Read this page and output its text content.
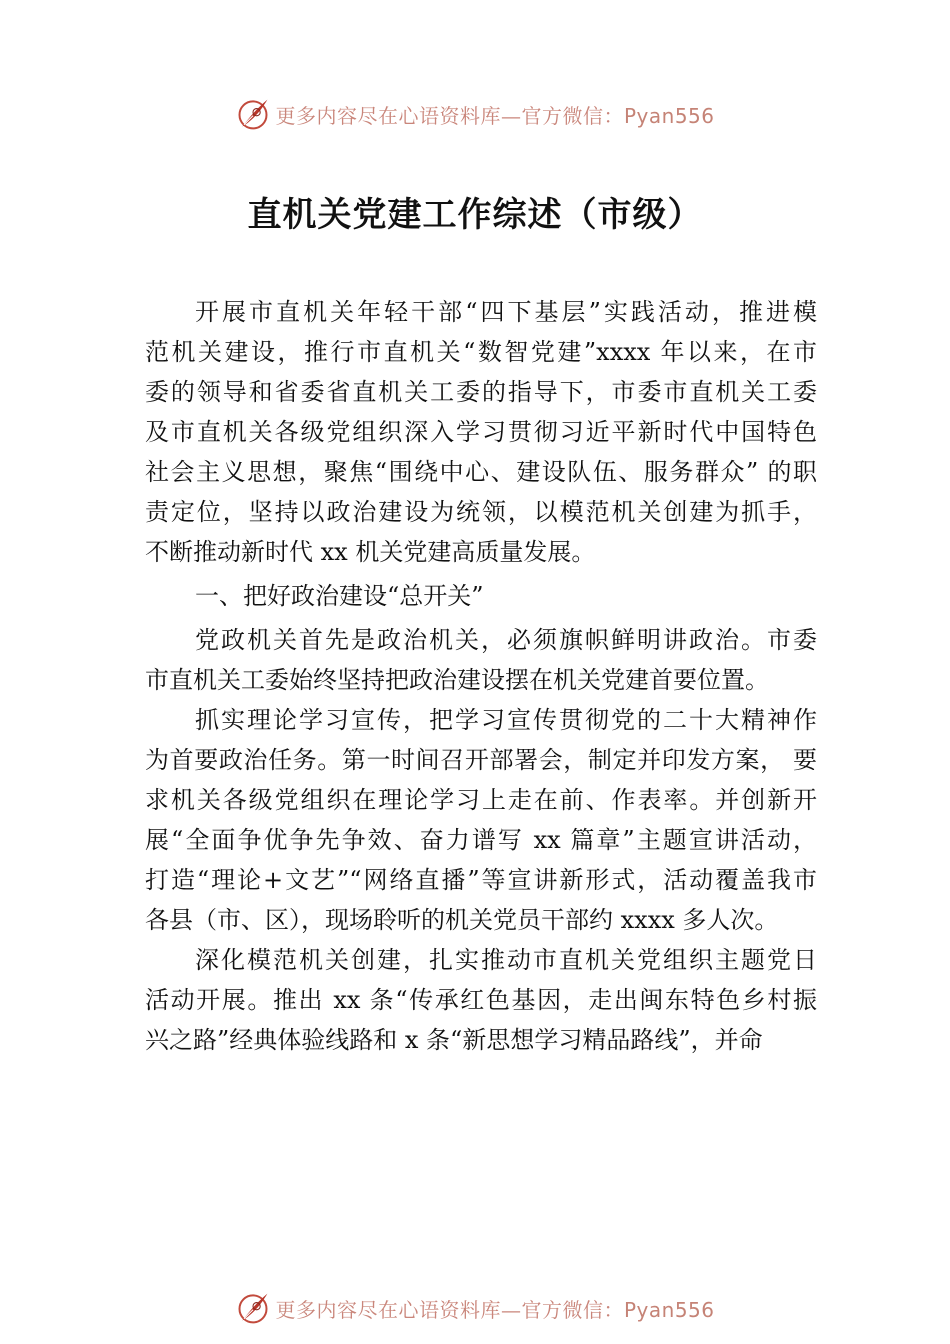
更多内容尽在心语资料库—官方微信：Pyan556
直机关党建工作综述（市级）
开展市直机关年轻干部“四下基层”实践活动，推进模
范机关建设，推行市直机关“数智党建”xxxx 年以来，在市
委的领导和省委省直机关工委的指导下，市委市直机关工委
及市直机关各级党组织深入学习贯彻习近平新时代中国特色
社会主义思想，聚焦“围绕中心、建设队伍、服务群众” 的职
责定位，坚持以政治建设为统领，以模范机关创建为抓手，
不断推动新时代 xx 机关党建高质量发展。
一、把好政治建设“总开关”
党政机关首先是政治机关，必须旗帜鲜明讲政治。市委
市直机关工委始终坚持把政治建设摆在机关党建首要位置。
抓实理论学习宣传，把学习宣传贯彻党的二十大精神作
为首要政治任务。第一时间召开部署会，制定并印发方案， 要
求机关各级党组织在理论学习上走在前、作表率。并创新开
展“全面争优争先争效、奋力谱写 xx 篇章”主题宣讲活动，
打造“理论+文艺”“网络直播”等宣讲新形式，活动覆盖我市
各县（市、区），现场聆听的机关党员干部约 xxxx 多人次。
深化模范机关创建，扎实推动市直机关党组织主题党日
活动开展。推出 xx 条“传承红色基因，走出闽东特色乡村振
兴之路”经典体验线路和 x 条“新思想学习精品路线”，并命
更多内容尽在心语资料库—官方微信：Pyan556
